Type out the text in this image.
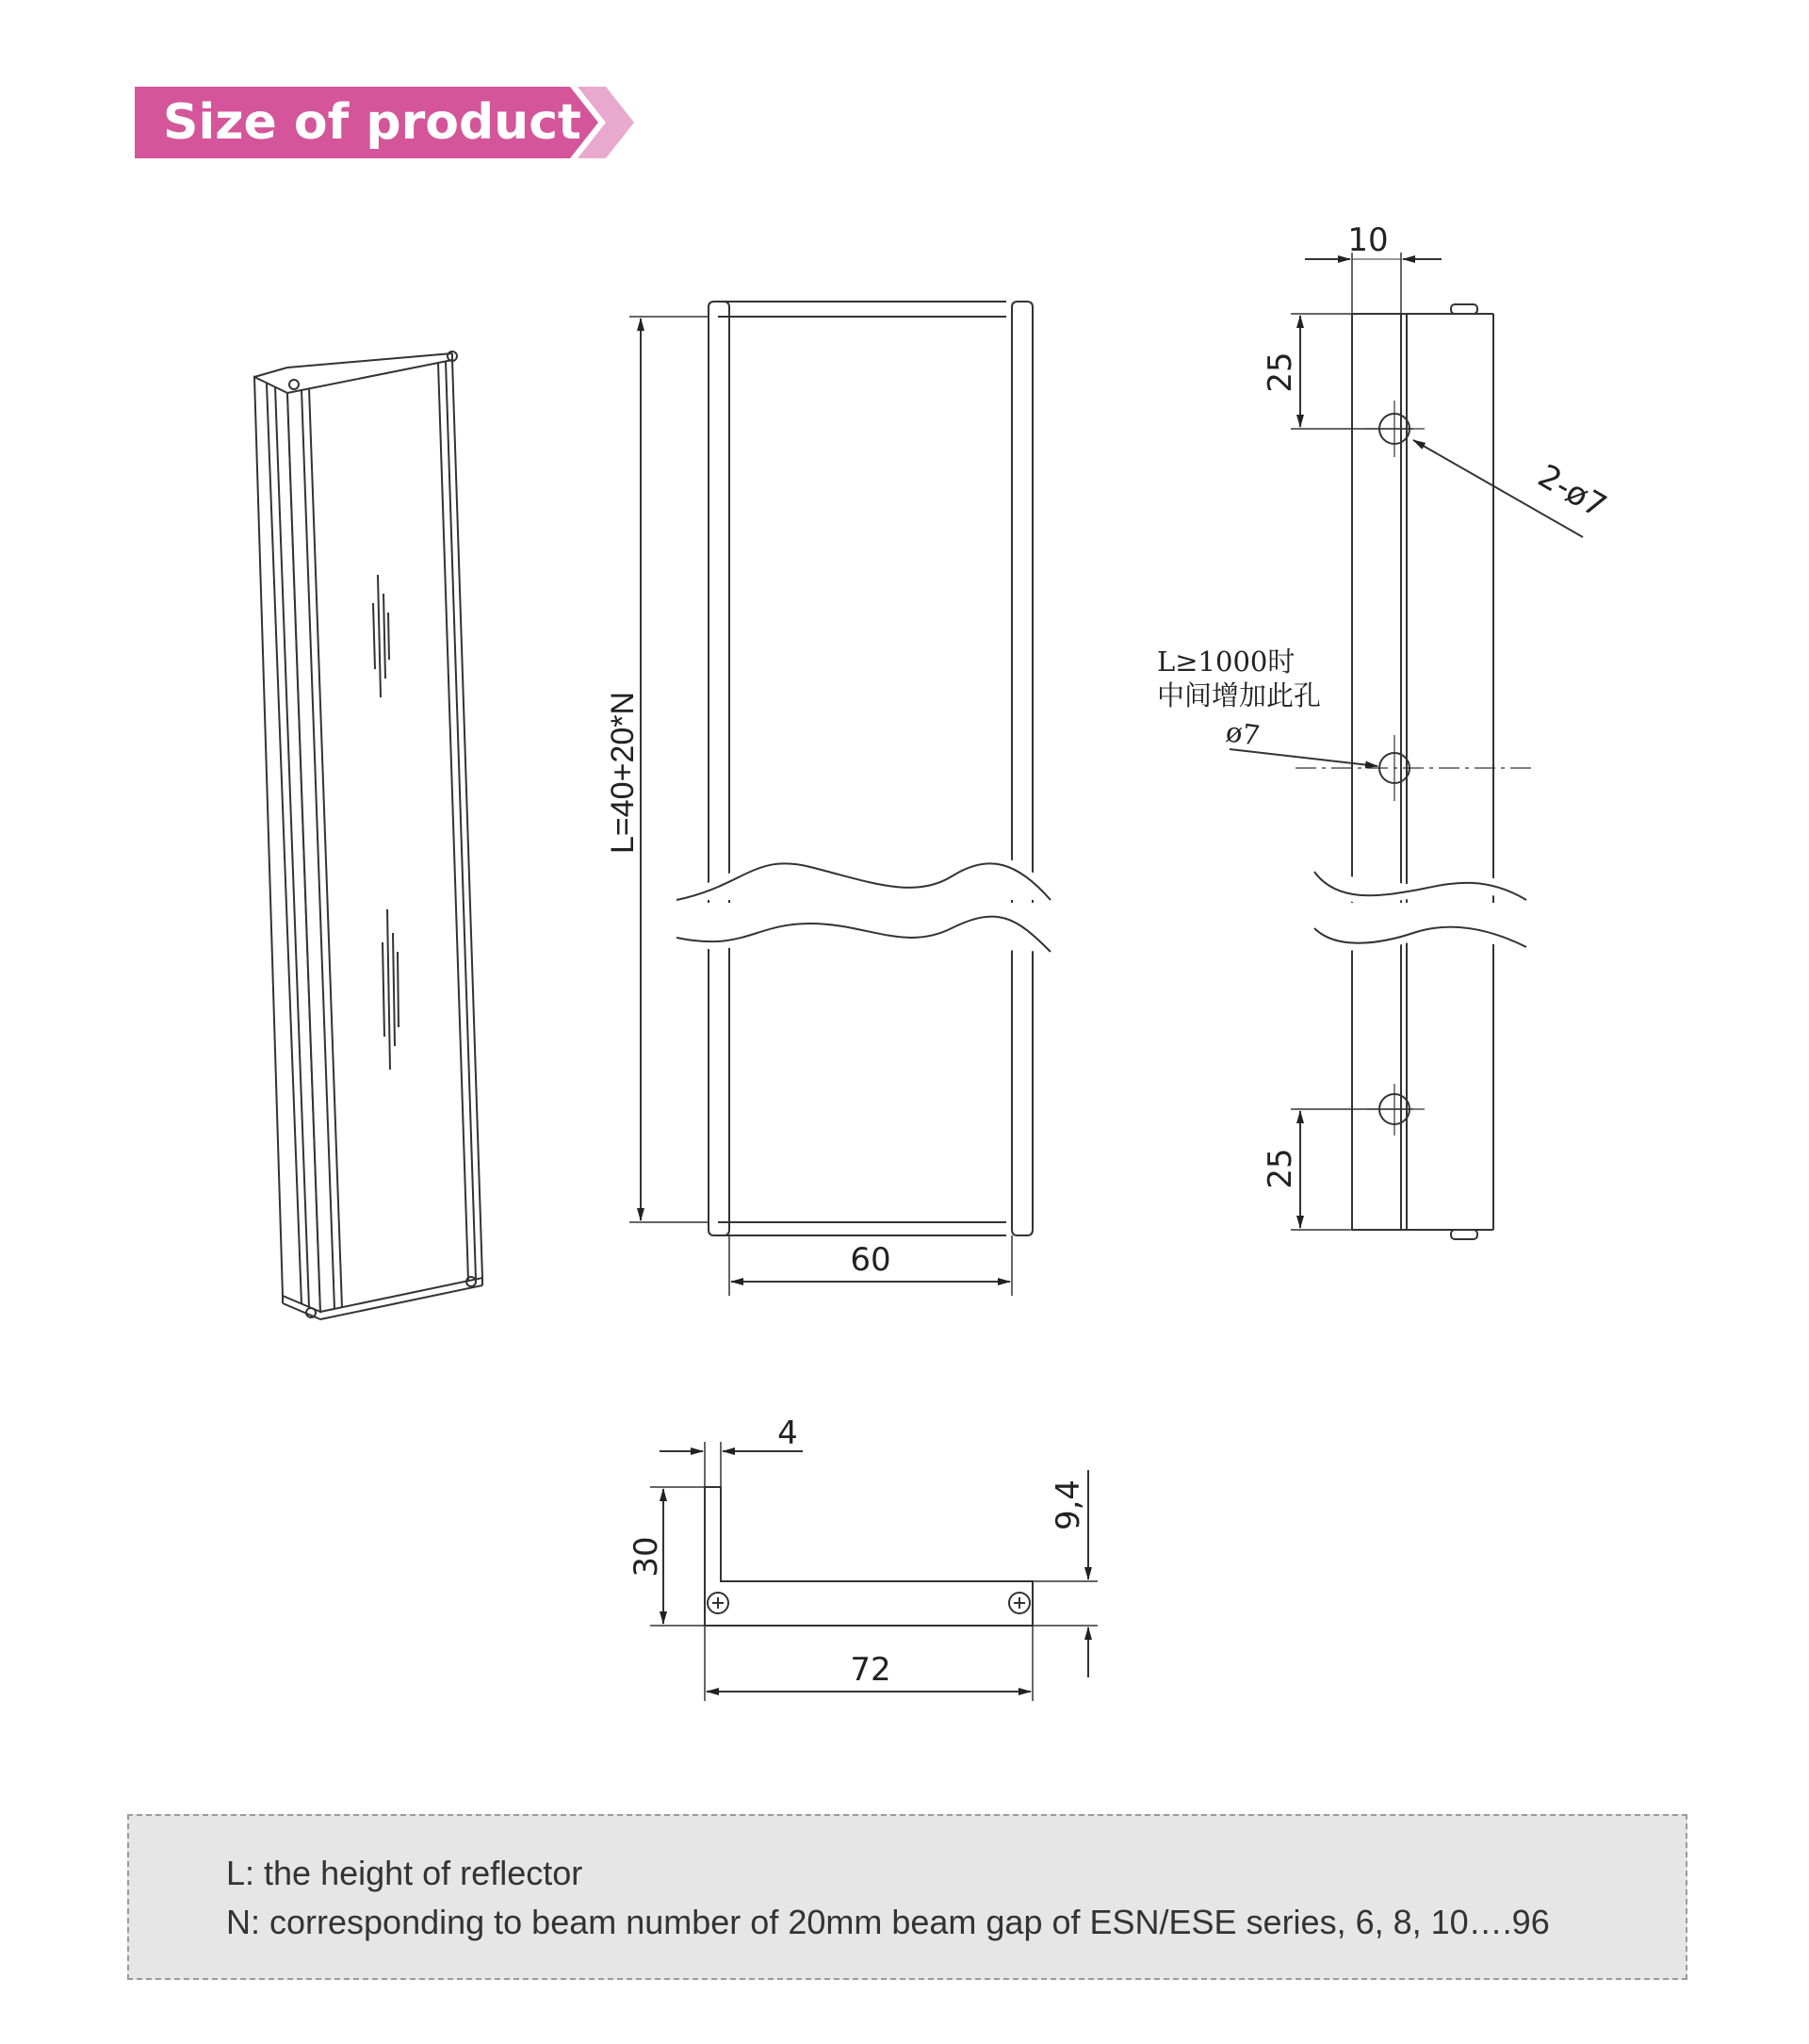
Size of product
L=40+20*N
60
10
25
25
2-ø7
L≥1000时
中间增加此孔
ø7
4
30
9,4
72
L: the height of reflector
N: corresponding to beam number of 20mm beam gap of ESN/ESE series, 6, 8, 10….96
